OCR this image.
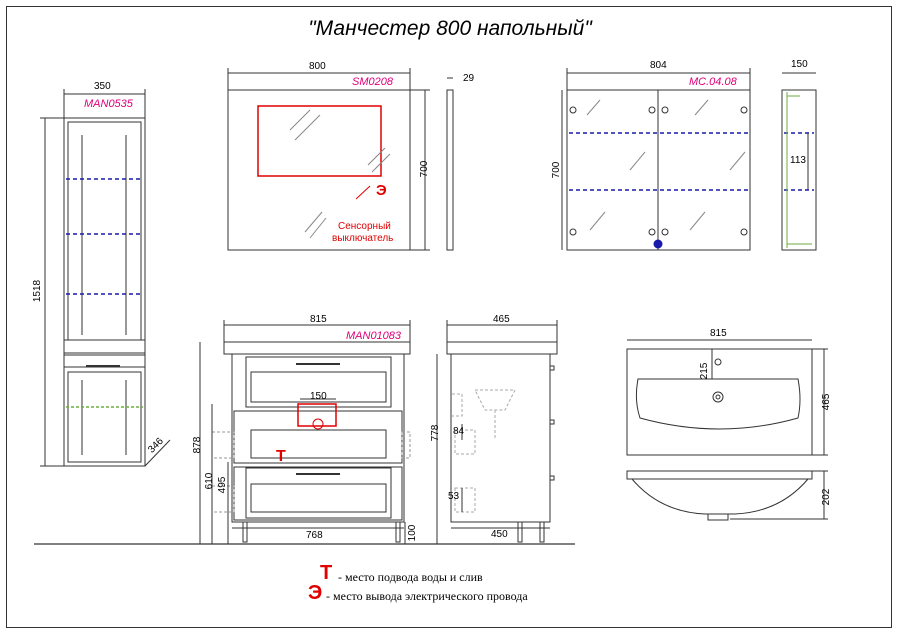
"Манчестер 800 напольный"
350
MAN0535
1518
346
800
SM0208
700
29
Э
Сенсорный
выключатель
804
MC.04.08
700
150
113
815
MAN01083
150
768
878
610 495
100
Т
465
450
778 84
53
815
465
215
202
Т - место подвода воды и слив
Э - место вывода электрического провода
